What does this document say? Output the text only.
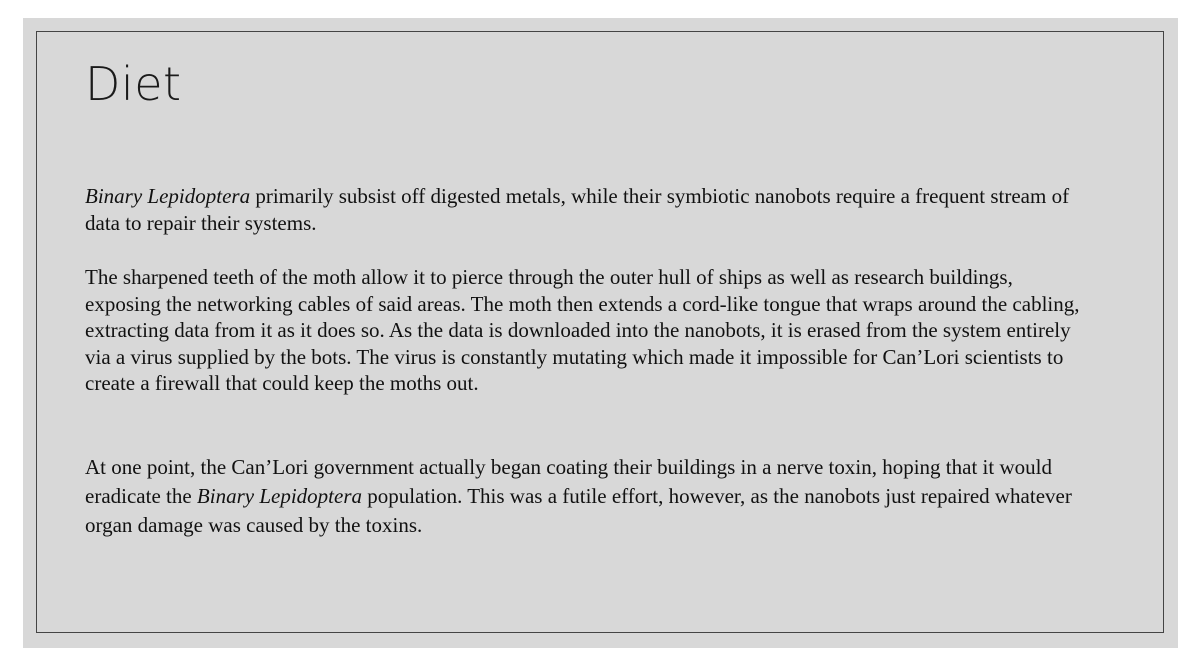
Diet

Binary Lepidoptera primarily subsist off digested metals, while their symbiotic nanobots require a frequent stream of data to repair their systems.

The sharpened teeth of the moth allow it to pierce through the outer hull of ships as well as research buildings, exposing the networking cables of said areas. The moth then extends a cord-like tongue that wraps around the cabling, extracting data from it as it does so. As the data is downloaded into the nanobots, it is erased from the system entirely via a virus supplied by the bots. The virus is constantly mutating which made it impossible for Can’Lori scientists to create a firewall that could keep the moths out.

At one point, the Can’Lori government actually began coating their buildings in a nerve toxin, hoping that it would eradicate the Binary Lepidoptera population. This was a futile effort, however, as the nanobots just repaired whatever organ damage was caused by the toxins.
